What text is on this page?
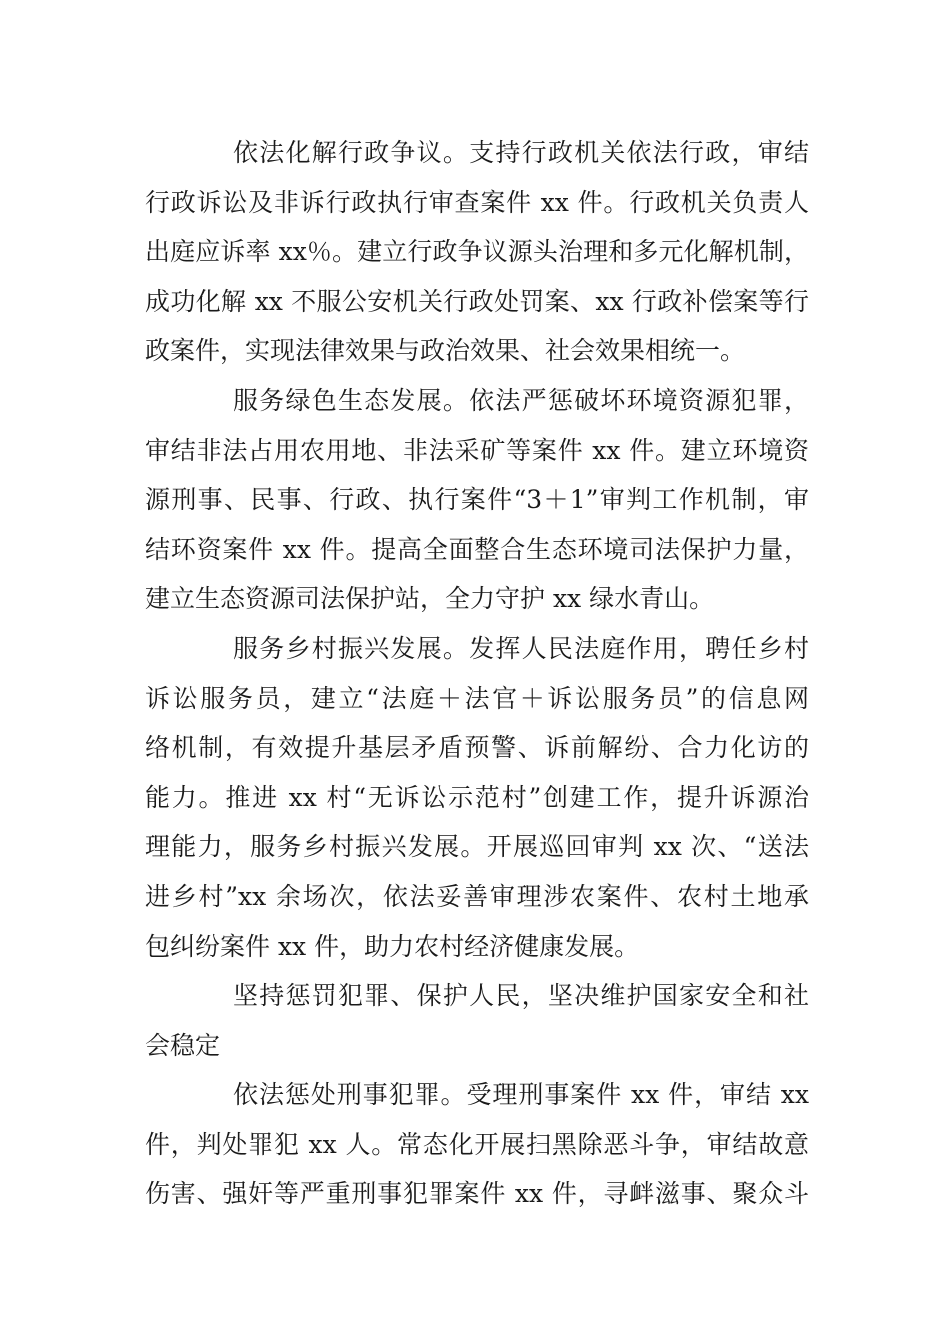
依法化解行政争议。支持行政机关依法行政，审结
行政诉讼及非诉行政执行审查案件 xx 件。行政机关负责人
出庭应诉率 xx％。建立行政争议源头治理和多元化解机制，
成功化解 xx 不服公安机关行政处罚案、xx 行政补偿案等行
政案件，实现法律效果与政治效果、社会效果相统一。
服务绿色生态发展。依法严惩破坏环境资源犯罪，
审结非法占用农用地、非法采矿等案件 xx 件。建立环境资
源刑事、民事、行政、执行案件“3＋1”审判工作机制，审
结环资案件 xx 件。提高全面整合生态环境司法保护力量，
建立生态资源司法保护站，全力守护 xx 绿水青山。
服务乡村振兴发展。发挥人民法庭作用，聘任乡村
诉讼服务员，建立“法庭＋法官＋诉讼服务员”的信息网
络机制，有效提升基层矛盾预警、诉前解纷、合力化访的
能力。推进 xx 村“无诉讼示范村”创建工作，提升诉源治
理能力，服务乡村振兴发展。开展巡回审判 xx 次、“送法
进乡村”xx 余场次，依法妥善审理涉农案件、农村土地承
包纠纷案件 xx 件，助力农村经济健康发展。
坚持惩罚犯罪、保护人民，坚决维护国家安全和社
会稳定
依法惩处刑事犯罪。受理刑事案件 xx 件，审结 xx
件，判处罪犯 xx 人。常态化开展扫黑除恶斗争，审结故意
伤害、强奸等严重刑事犯罪案件 xx 件，寻衅滋事、聚众斗
